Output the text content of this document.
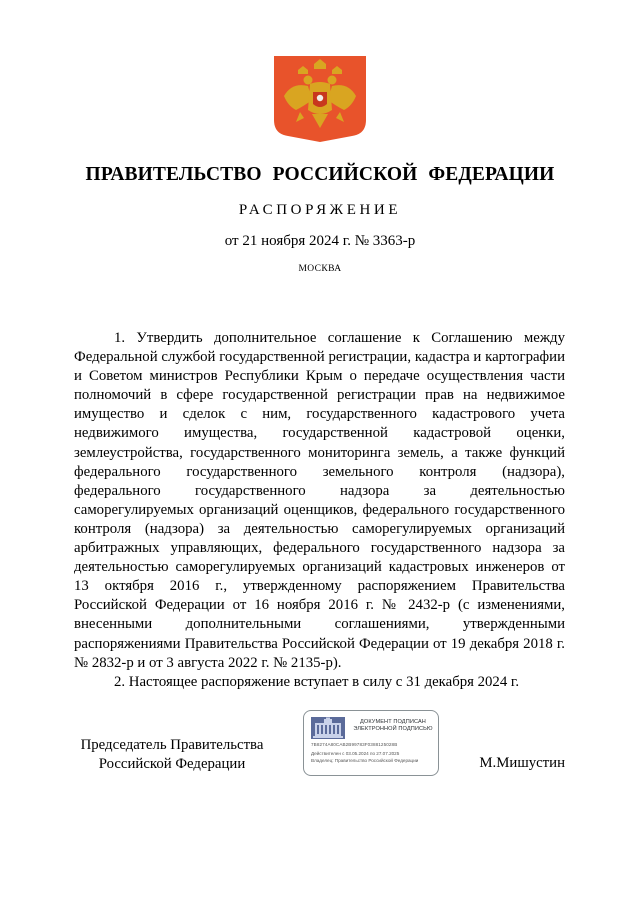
ПРАВИТЕЛЬСТВО РОССИЙСКОЙ ФЕДЕРАЦИИ
РАСПОРЯЖЕНИЕ
от 21 ноября 2024 г. № 3363-р
МОСКВА

1. Утвердить дополнительное соглашение к Соглашению между Федеральной службой государственной регистрации, кадастра и картографии и Советом министров Республики Крым о передаче осуществления части полномочий в сфере государственной регистрации прав на недвижимое имущество и сделок с ним, государственного кадастрового учета недвижимого имущества, государственной кадастровой оценки, землеустройства, государственного мониторинга земель, а также функций федерального государственного земельного контроля (надзора), федерального государственного надзора за деятельностью саморегулируемых организаций оценщиков, федерального государственного контроля (надзора) за деятельностью саморегулируемых организаций арбитражных управляющих, федерального государственного надзора за деятельностью саморегулируемых организаций кадастровых инженеров от 13 октября 2016 г., утвержденному распоряжением Правительства Российской Федерации от 16 ноября 2016 г. № 2432-р (с изменениями, внесенными дополнительными соглашениями, утвержденными распоряжениями Правительства Российской Федерации от 19 декабря 2018 г. № 2832-р и от 3 августа 2022 г. № 2135-р).

2. Настоящее распоряжение вступает в силу с 31 декабря 2024 г.

Председатель Правительства
Российской Федерации
ДОКУМЕНТ ПОДПИСАН
ЭЛЕКТРОННОЙ ПОДПИСЬЮ
7B8274A80CAB2B99783F0388125028B
Действителен с 03.05.2024 по 27.07.2025
Владелец: Правительство Российской Федерации	М.Мишустин
